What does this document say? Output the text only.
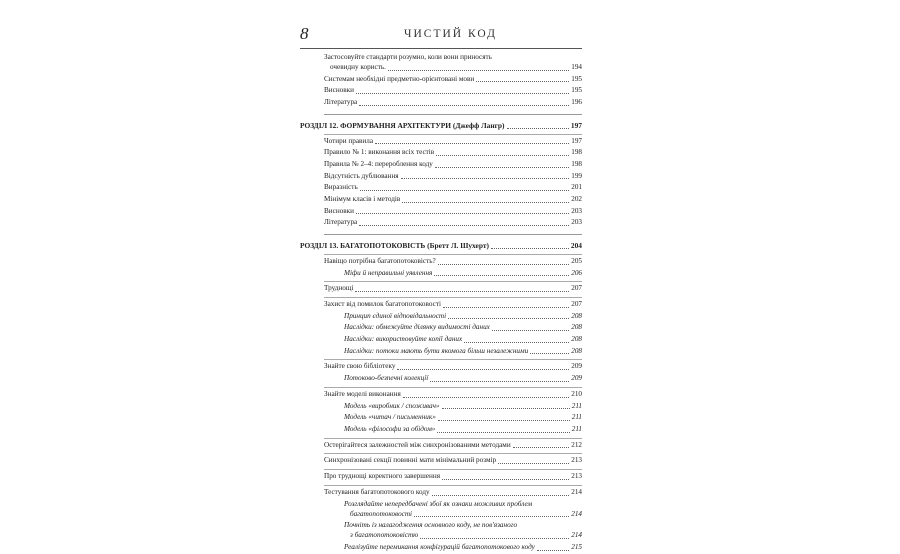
8	ЧИСТИЙ КОД
Застосовуйте стандарти розумно, коли вони приносять
очевидну користь.	194
Системам необхідні предметно-орієнтовані мови	195
Висновки	195
Література	196
РОЗДІЛ 12. ФОРМУВАННЯ АРХІТЕКТУРИ (Джефф Лангр)	197
Чотири правила	197
Правило № 1: виконання всіх тестів	198
Правила № 2–4: перероблення коду	198
Відсутність дублювання	199
Виразність	201
Мінімум класів і методів	202
Висновки	203
Література	203
РОЗДІЛ 13. БАГАТОПОТОКОВІСТЬ (Бретт Л. Шухерт)	204
Навіщо потрібна багатопотоковість?	205
Міфи й неправильні уявлення	206
Труднощі	207
Захист від помилок багатопотоковості	207
Принцип єдиної відповідальності	208
Наслідки: обмежуйте ділянку видимості даних	208
Наслідки: використовуйте копії даних	208
Наслідки: потоки мають бути якомога більш незалежними	208
Знайте свою бібліотеку	209
Потоково-безпечні колекції	209
Знайте моделі виконання	210
Модель «виробник / споживач»	211
Модель «читач / письменник»	211
Модель «філософи за обідом»	211
Остерігайтеся залежностей між синхронізованими методами	212
Синхронізовані секції повинні мати мінімальний розмір	213
Про труднощі коректного завершення	213
Тестування багатопотокового коду	214
Розглядайте непередбачені збої як ознаки можливих проблем
багатопотоковості	214
Почніть із налагодження основного коду, не пов'язаного
з багатопотоковістю	214
Реалізуйте перемикання конфігурацій багатопотокового коду	215
